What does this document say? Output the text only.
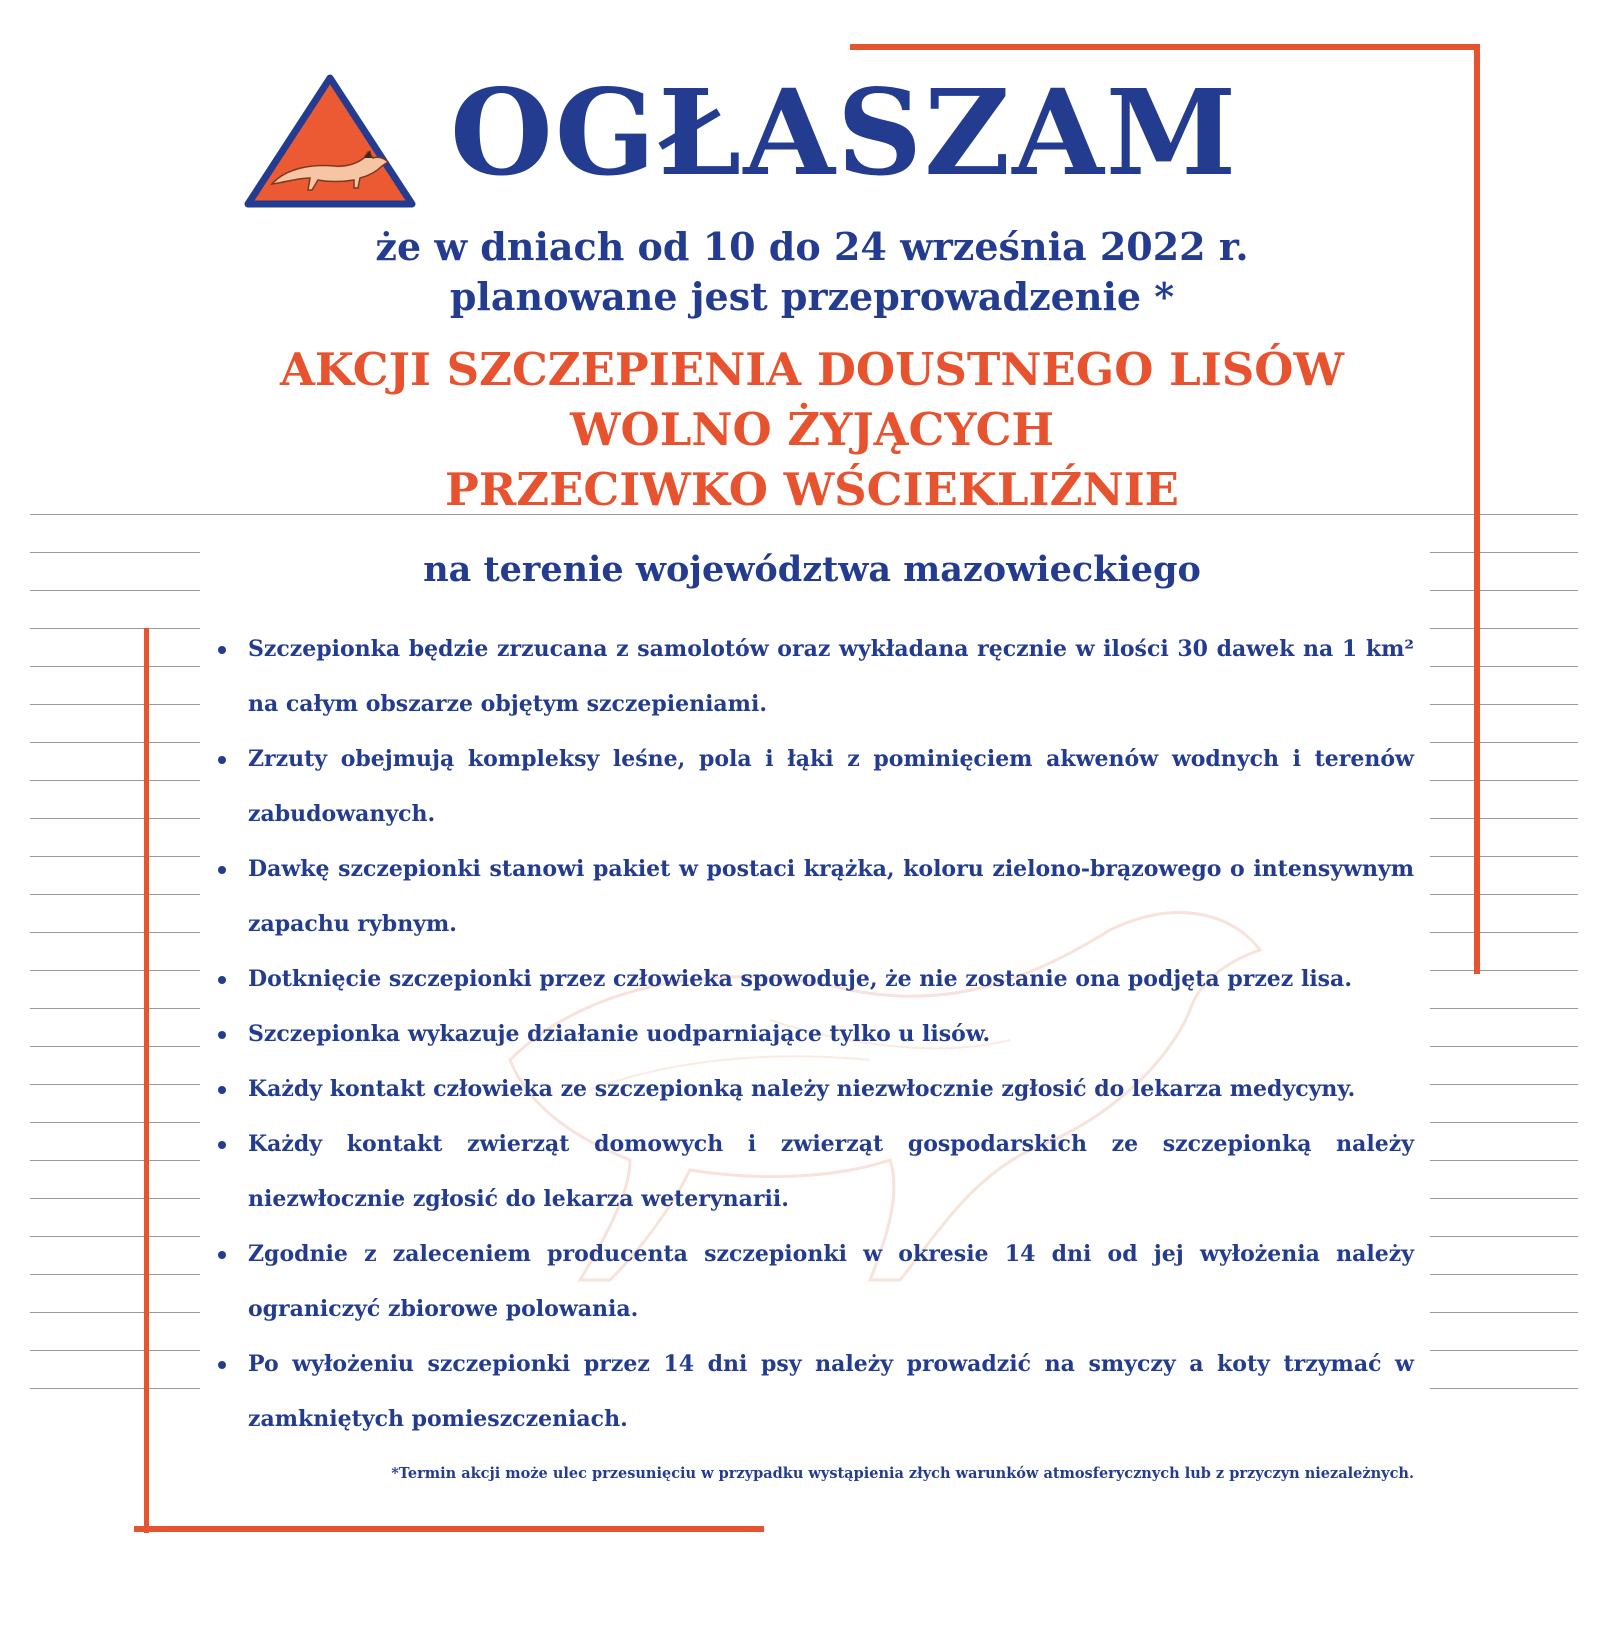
OGŁASZAM
że w dniach od 10 do 24 września 2022 r.
planowane jest przeprowadzenie *
AKCJI SZCZEPIENIA DOUSTNEGO LISÓW
WOLNO ŻYJĄCYCH
PRZECIWKO WŚCIEKLIŹNIE
na terenie województwa mazowieckiego
Szczepionka będzie zrzucana z samolotów oraz wykładana ręcznie w ilości 30 dawek na 1 km² na całym obszarze objętym szczepieniami.
Zrzuty obejmują kompleksy leśne, pola i łąki z pominięciem akwenów wodnych i terenów zabudowanych.
Dawkę szczepionki stanowi pakiet w postaci krążka, koloru zielono-brązowego o intensywnym zapachu rybnym.
Dotknięcie szczepionki przez człowieka spowoduje, że nie zostanie ona podjęta przez lisa.
Szczepionka wykazuje działanie uodparniające tylko u lisów.
Każdy kontakt człowieka ze szczepionką należy niezwłocznie zgłosić do lekarza medycyny.
Każdy kontakt zwierząt domowych i zwierząt gospodarskich ze szczepionką należy niezwłocznie zgłosić do lekarza weterynarii.
Zgodnie z zaleceniem producenta szczepionki w okresie 14 dni od jej wyłożenia należy ograniczyć zbiorowe polowania.
Po wyłożeniu szczepionki przez 14 dni psy należy prowadzić na smyczy a koty trzymać w zamkniętych pomieszczeniach.
*Termin akcji może ulec przesunięciu w przypadku wystąpienia złych warunków atmosferycznych lub z przyczyn niezależnych.
